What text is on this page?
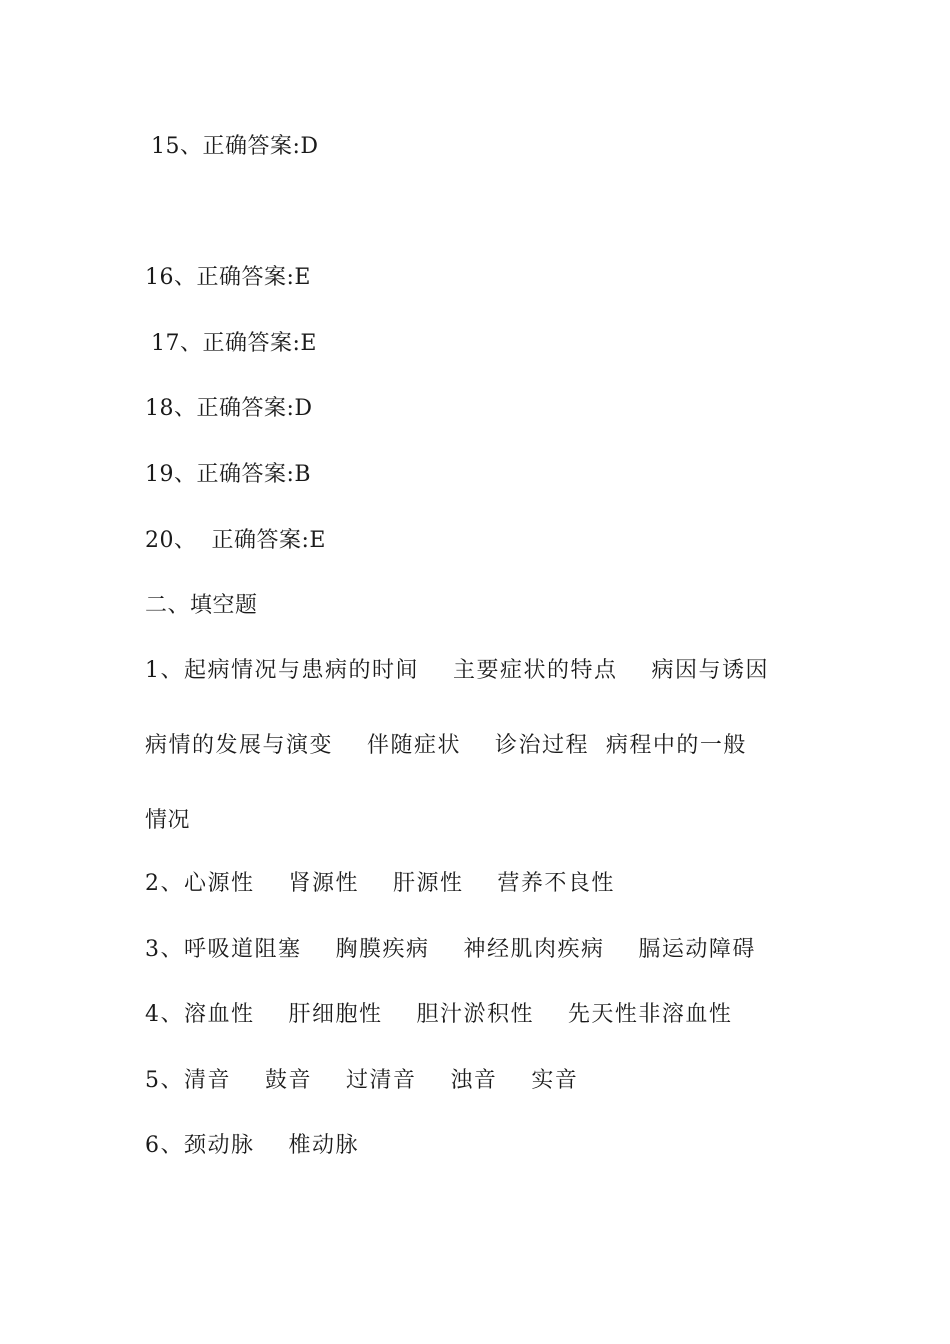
15、正确答案:D
16、正确答案:E
17、正确答案:E
18、正确答案:D
19、正确答案:B
20、  正确答案:E
二、填空题
1、起病情况与患病的时间    主要症状的特点    病因与诱因
病情的发展与演变    伴随症状    诊治过程  病程中的一般
情况
2、心源性    肾源性    肝源性    营养不良性
3、呼吸道阻塞    胸膜疾病    神经肌肉疾病    膈运动障碍
4、溶血性    肝细胞性    胆汁淤积性    先天性非溶血性
5、清音    鼓音    过清音    浊音    实音
6、颈动脉    椎动脉
